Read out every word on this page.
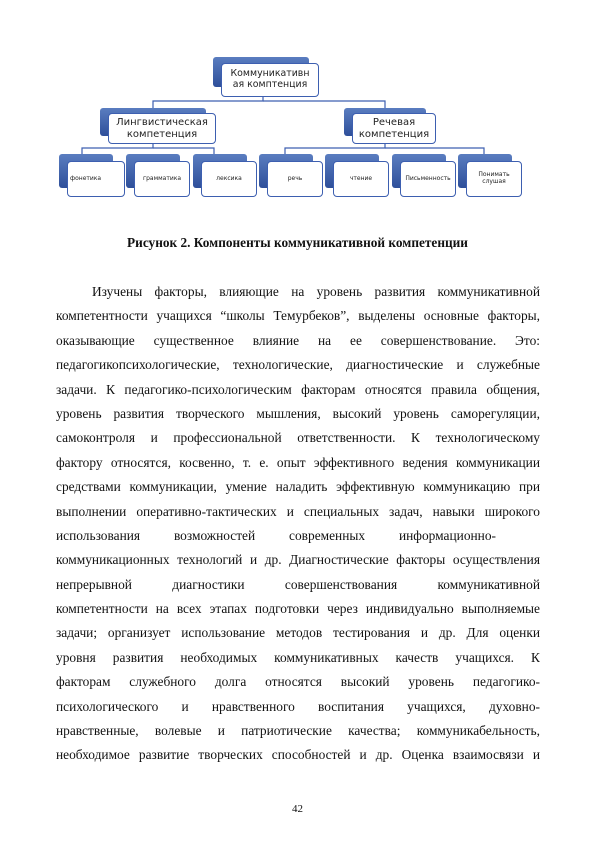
Коммуникативн
ая комптенция
Лингвистическая
компетенция
Речевая
компетенция
фонетика	грамматика	лексика	речь	чтение	Письменность	Понимать
слушая
Рисунок 2. Компоненты коммуникативной компетенции
Изучены факторы, влияющие на уровень развития коммуникативной
компетентности учащихся “школы Темурбеков”, выделены основные факторы,
оказывающие существенное влияние на ее совершенствование. Это:
педагогикопсихологические, технологические, диагностические и служебные
задачи. К педагогико-психологическим факторам относятся правила общения,
уровень развития творческого мышления, высокий уровень саморегуляции,
самоконтроля и профессиональной ответственности. К технологическому
фактору относятся, косвенно, т. е. опыт эффективного ведения коммуникации
средствами коммуникации, умение наладить эффективную коммуникацию при
выполнении оперативно-тактических и специальных задач, навыки широкого
использования возможностей современных информационно-
коммуникационных технологий и др. Диагностические факторы осуществления
непрерывной диагностики совершенствования коммуникативной
компетентности на всех этапах подготовки через индивидуально выполняемые
задачи; организует использование методов тестирования и др. Для оценки
уровня развития необходимых коммуникативных качеств учащихся. К
факторам служебного долга относятся высокий уровень педагогико-
психологического и нравственного воспитания учащихся, духовно-
нравственные, волевые и патриотические качества; коммуникабельность,
необходимое развитие творческих способностей и др. Оценка взаимосвязи и
42
